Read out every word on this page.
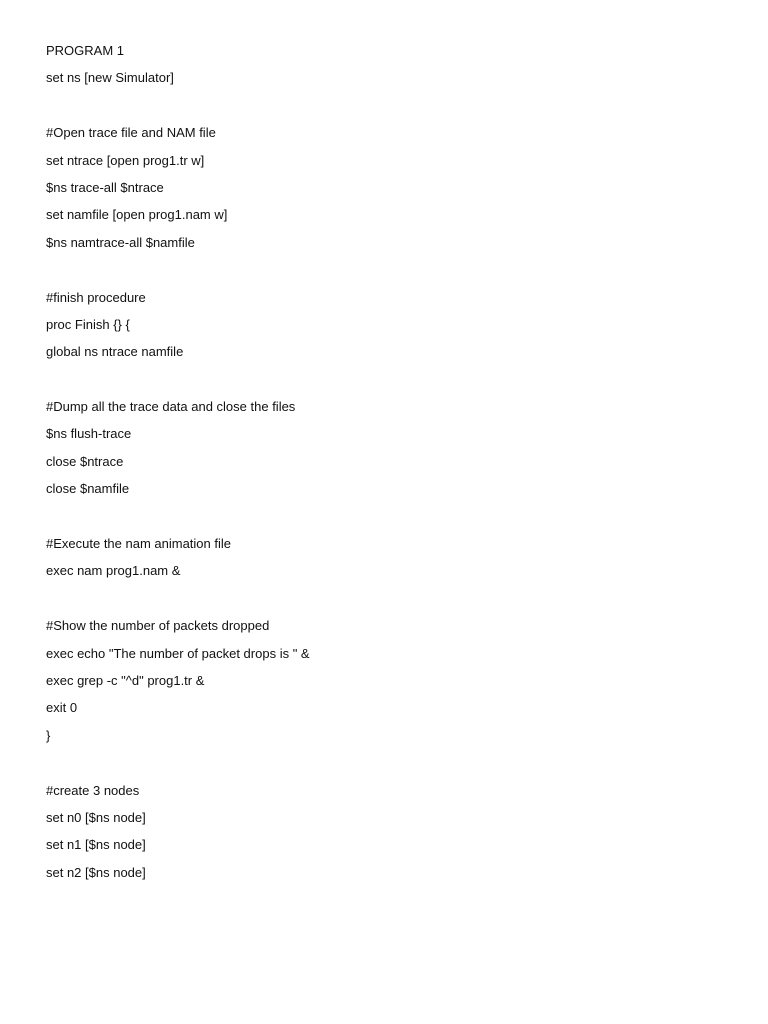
PROGRAM 1
set ns [new Simulator]
#Open trace file and NAM file
set ntrace [open prog1.tr w]
$ns trace-all $ntrace
set namfile [open prog1.nam w]
$ns namtrace-all $namfile
#finish procedure
proc Finish {} {
global ns ntrace namfile
#Dump all the trace data and close the files
$ns flush-trace
close $ntrace
close $namfile
#Execute the nam animation file
exec nam prog1.nam &
#Show the number of packets dropped
exec echo "The number of packet drops is " &
exec grep -c "^d" prog1.tr &
exit 0
}
#create 3 nodes
set n0 [$ns node]
set n1 [$ns node]
set n2 [$ns node]
